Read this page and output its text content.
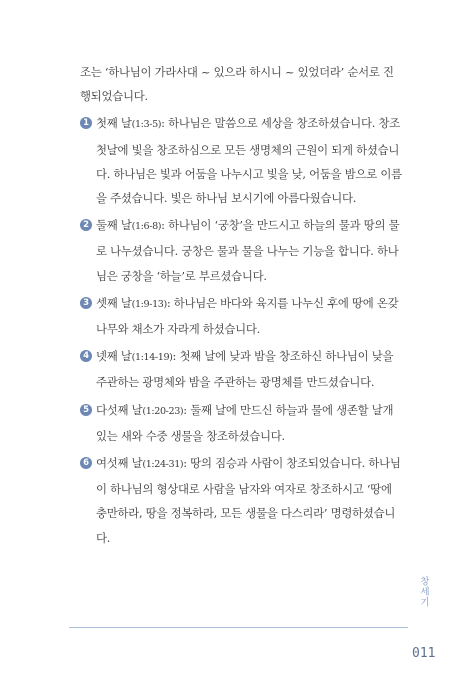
조는 ‘하나님이 가라사대 ~ 있으라 하시니 ~ 있었더라’ 순서로 진행되었습니다.

1 첫째 날(1:3-5): 하나님은 말씀으로 세상을 창조하셨습니다. 창조 첫날에 빛을 창조하심으로 모든 생명체의 근원이 되게 하셨습니다. 하나님은 빛과 어둠을 나누시고 빛을 낮, 어둠을 밤으로 이름을 주셨습니다. 빛은 하나님 보시기에 아름다웠습니다.

2 둘째 날(1:6-8): 하나님이 ‘궁창’을 만드시고 하늘의 물과 땅의 물로 나누셨습니다. 궁창은 물과 물을 나누는 기능을 합니다. 하나님은 궁창을 ‘하늘’로 부르셨습니다.

3 셋째 날(1:9-13): 하나님은 바다와 육지를 나누신 후에 땅에 온갖 나무와 채소가 자라게 하셨습니다.

4 넷째 날(1:14-19): 첫째 날에 낮과 밤을 창조하신 하나님이 낮을 주관하는 광명체와 밤을 주관하는 광명체를 만드셨습니다.

5 다섯째 날(1:20-23): 둘째 날에 만드신 하늘과 물에 생존할 날개 있는 새와 수중 생물을 창조하셨습니다.

6 여섯째 날(1:24-31): 땅의 짐승과 사람이 창조되었습니다. 하나님이 하나님의 형상대로 사람을 남자와 여자로 창조하시고 ‘땅에 충만하라, 땅을 정복하라, 모든 생물을 다스리라’ 명령하셨습니다.

창세기
011
